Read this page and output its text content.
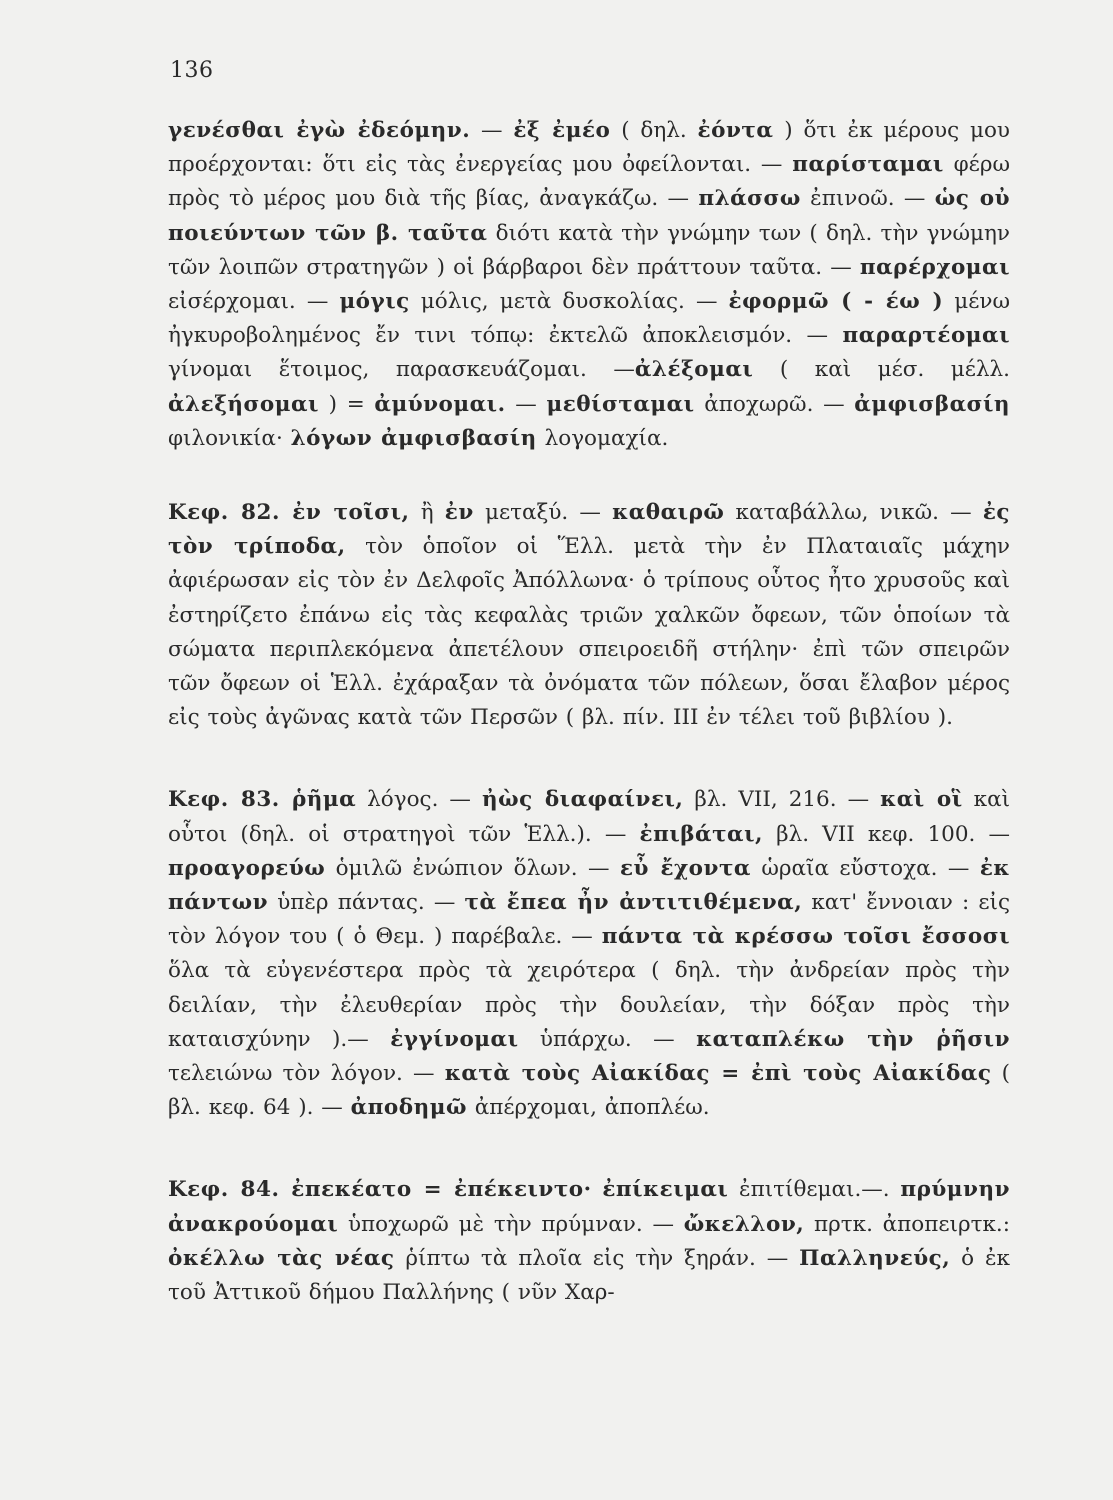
136

γενέσθαι ἐγὼ ἐδεόμην. — ἐξ ἐμέο ( δηλ. ἐόντα ) ὅτι ἐκ μέρους μου προέρχονται: ὅτι εἰς τὰς ἐνεργείας μου ὀφείλονται. — παρίσταμαι φέρω πρὸς τὸ μέρος μου διὰ τῆς βίας, ἀναγκάζω. — πλάσσω ἐπινοῶ. — ὡς οὐ ποιεύντων τῶν β. ταῦτα διότι κατὰ τὴν γνώμην των ( δηλ. τὴν γνώμην τῶν λοιπῶν στρατηγῶν ) οἱ βάρβαροι δὲν πράττουν ταῦτα. — παρέρχομαι εἰσέρχομαι. — μόγις μόλις, μετὰ δυσκολίας. — ἐφορμῶ ( - έω ) μένω ἠγκυροβολημένος ἔν τινι τόπῳ: ἐκτελῶ ἀποκλεισμόν. — παραρτέομαι γίνομαι ἕτοιμος, παρασκευάζομαι. —ἀλέξομαι ( καὶ μέσ. μέλλ. ἀλεξήσομαι ) = ἀμύνομαι. — μεθίσταμαι ἀποχωρῶ. — ἀμφισβασίη φιλονικία· λόγων ἀμφισβασίη λογομαχία.

Κεφ. 82. ἐν τοῖσι, ἢ ἐν μεταξύ. — καθαιρῶ καταβάλλω, νικῶ. — ἐς τὸν τρίποδα, τὸν ὁποῖον οἱ Ἕλλ. μετὰ τὴν ἐν Πλαταιαῖς μάχην ἀφιέρωσαν εἰς τὸν ἐν Δελφοῖς Ἀπόλλωνα· ὁ τρίπους οὗτος ἦτο χρυσοῦς καὶ ἐστηρίζετο ἐπάνω εἰς τὰς κεφαλὰς τριῶν χαλκῶν ὄφεων, τῶν ὁποίων τὰ σώματα περιπλεκόμενα ἀπετέλουν σπειροειδῆ στήλην· ἐπὶ τῶν σπειρῶν τῶν ὄφεων οἱ Ἑλλ. ἐχάραξαν τὰ ὀνόματα τῶν πόλεων, ὅσαι ἔλαβον μέρος εἰς τοὺς ἀγῶνας κατὰ τῶν Περσῶν ( βλ. πίν. III ἐν τέλει τοῦ βιβλίου ).

Κεφ. 83. ῥῆμα λόγος. — ἠὼς διαφαίνει, βλ. VII, 216. — καὶ οἳ καὶ οὗτοι (δηλ. οἱ στρατηγοὶ τῶν Ἑλλ.). — ἐπιβάται, βλ. VII κεφ. 100. — προαγορεύω ὁμιλῶ ἐνώπιον ὅλων. — εὖ ἔχοντα ὡραῖα εὔστοχα. — ἐκ πάντων ὑπὲρ πάντας. — τὰ ἔπεα ἦν ἀντιτιθέμενα, κατ' ἔννοιαν : εἰς τὸν λόγον του ( ὁ Θεμ. ) παρέβαλε. — πάντα τὰ κρέσσω τοῖσι ἔσσοσι ὅλα τὰ εὐγενέστερα πρὸς τὰ χειρότερα ( δηλ. τὴν ἀνδρείαν πρὸς τὴν δειλίαν, τὴν ἐλευθερίαν πρὸς τὴν δουλείαν, τὴν δόξαν πρὸς τὴν καταισχύνην ).— ἐγγίνομαι ὑπάρχω. — καταπλέκω τὴν ῥῆσιν τελειώνω τὸν λόγον. — κατὰ τοὺς Αἰακίδας = ἐπὶ τοὺς Αἰακίδας ( βλ. κεφ. 64 ). — ἀποδημῶ ἀπέρχομαι, ἀποπλέω.

Κεφ. 84. ἐπεκέατο = ἐπέκειντο· ἐπίκειμαι ἐπιτίθεμαι.—. πρύμνην ἀνακρούομαι ὑποχωρῶ μὲ τὴν πρύμναν. — ὤκελλον, πρτκ. ἀποπειρτκ.: ὀκέλλω τὰς νέας ῥίπτω τὰ πλοῖα εἰς τὴν ξηράν. — Παλληνεύς, ὁ ἐκ τοῦ Ἀττικοῦ δήμου Παλλήνης ( νῦν Χαρ-
